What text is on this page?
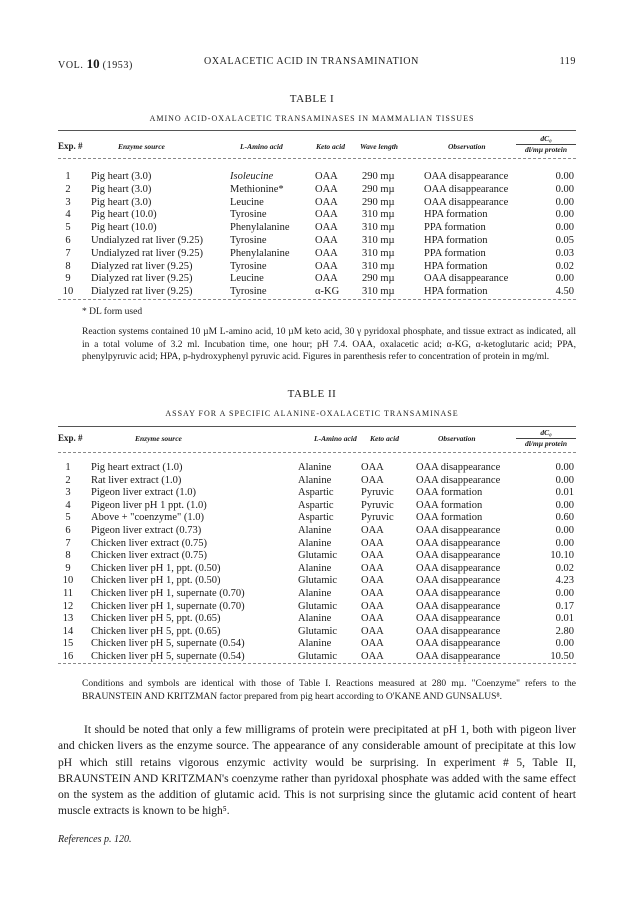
VOL. 10 (1953)	OXALACETIC ACID IN TRANSAMINATION	119
TABLE I
AMINO ACID-OXALACETIC TRANSAMINASES IN MAMMALIAN TISSUES
Exp. #	Enzyme source	L-Amino acid	Keto acid Wave length	Observation
dC₀
dl/mµ protein
1	Pig heart (3.0)	Isoleucine	OAA 290 mµ	OAA disappearance	0.00
2	Pig heart (3.0)	Methionine*	OAA 290 mµ	OAA disappearance	0.00
3	Pig heart (3.0)	Leucine	OAA 290 mµ	OAA disappearance	0.00
4	Pig heart (10.0)	Tyrosine	OAA 310 mµ	HPA formation	0.00
5	Pig heart (10.0)	Phenylalanine OAA 310 mµ	PPA formation	0.00
6	Undialyzed rat liver (9.25)	Tyrosine	OAA 310 mµ	HPA formation	0.05
7	Undialyzed rat liver (9.25)	Phenylalanine OAA 310 mµ	PPA formation	0.03
8	Dialyzed rat liver (9.25)	Tyrosine	OAA 310 mµ	HPA formation	0.02
9	Dialyzed rat liver (9.25)	Leucine	OAA 290 mµ	OAA disappearance	0.00
10	Dialyzed rat liver (9.25)	Tyrosine	α-KG 310 mµ	HPA formation	4.50
* DL form used
Reaction systems contained 10 µM L-amino acid, 10 µM keto acid, 30 γ pyridoxal phosphate, and tissue extract as indicated, all in a total volume of 3.2 ml. Incubation time, one hour; pH 7.4. OAA, oxalacetic acid; α-KG, α-ketoglutaric acid; PPA, phenylpyruvic acid; HPA, p-hydroxyphenyl pyruvic acid. Figures in parenthesis refer to concentration of protein in mg/ml.
TABLE II
ASSAY FOR A SPECIFIC ALANINE-OXALACETIC TRANSAMINASE
Exp. #	Enzyme source	L-Amino acid Keto acid	Observation
dC₀
dl/mµ protein
1	Pig heart extract (1.0)	Alanine	OAA	OAA disappearance	0.00
2	Rat liver extract (1.0)	Alanine	OAA	OAA disappearance	0.00
3	Pigeon liver extract (1.0)	Aspartic	Pyruvic OAA formation	0.01
4	Pigeon liver pH 1 ppt. (1.0)	Aspartic	Pyruvic OAA formation	0.00
5	Above + "coenzyme" (1.0)	Aspartic	Pyruvic OAA formation	0.60
6	Pigeon liver extract (0.73)	Alanine	OAA	OAA disappearance	0.00
7	Chicken liver extract (0.75)	Alanine	OAA	OAA disappearance	0.00
8	Chicken liver extract (0.75)	Glutamic OAA	OAA disappearance	10.10
9	Chicken liver pH 1, ppt. (0.50)	Alanine	OAA	OAA disappearance	0.02
10	Chicken liver pH 1, ppt. (0.50)	Glutamic OAA	OAA disappearance	4.23
11	Chicken liver pH 1, supernate (0.70)	Alanine	OAA	OAA disappearance	0.00
12	Chicken liver pH 1, supernate (0.70)	Glutamic OAA	OAA disappearance	0.17
13	Chicken liver pH 5, ppt. (0.65)	Alanine	OAA	OAA disappearance	0.01
14	Chicken liver pH 5, ppt. (0.65)	Glutamic OAA	OAA disappearance	2.80
15	Chicken liver pH 5, supernate (0.54)	Alanine	OAA	OAA disappearance	0.00
16	Chicken liver pH 5, supernate (0.54)	Glutamic OAA	OAA disappearance	10.50
Conditions and symbols are identical with those of Table I. Reactions measured at 280 mµ. "Coenzyme" refers to the BRAUNSTEIN AND KRITZMAN factor prepared from pig heart according to O'KANE AND GUNSALUS⁸.
It should be noted that only a few milligrams of protein were precipitated at pH 1, both with pigeon liver and chicken livers as the enzyme source. The appearance of any considerable amount of precipitate at this low pH which still retains vigorous enzymic activity would be surprising. In experiment # 5, Table II, BRAUNSTEIN AND KRITZMAN's coenzyme rather than pyridoxal phosphate was added with the same effect on the system as the addition of glutamic acid. This is not surprising since the glutamic acid content of heart muscle extracts is known to be high⁵.
References p. 120.
